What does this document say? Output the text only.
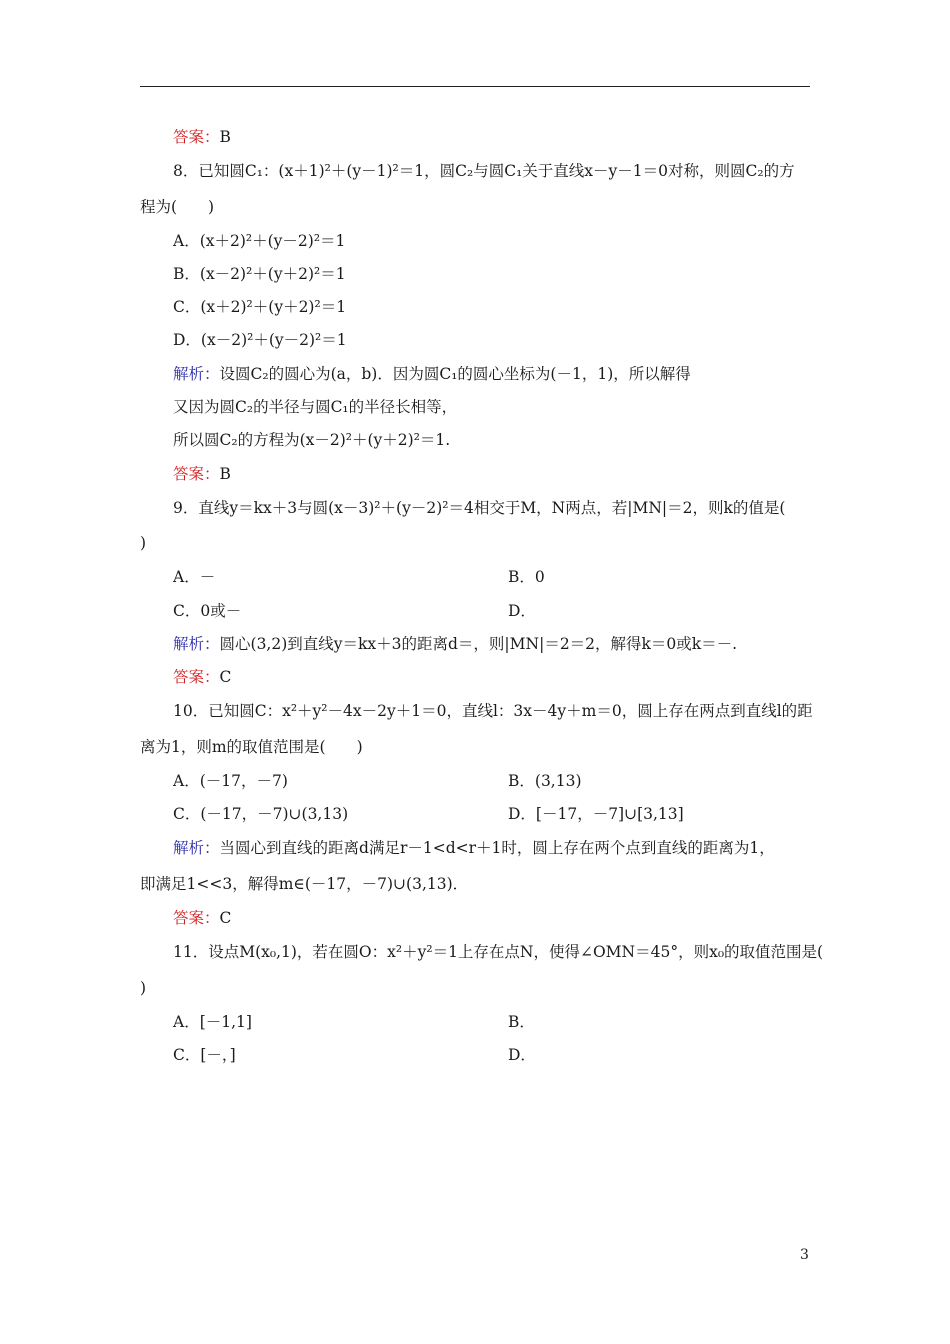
答案：B
8．已知圆C₁：(x＋1)²＋(y－1)²＝1，圆C₂与圆C₁关于直线x－y－1＝0对称，则圆C₂的方
程为(　　)
A．(x＋2)²＋(y－2)²＝1
B．(x－2)²＋(y＋2)²＝1
C．(x＋2)²＋(y＋2)²＝1
D．(x－2)²＋(y－2)²＝1
解析：设圆C₂的圆心为(a，b)．因为圆C₁的圆心坐标为(－1，1)，所以解得
又因为圆C₂的半径与圆C₁的半径长相等，
所以圆C₂的方程为(x－2)²＋(y＋2)²＝1.
答案：B
9．直线y＝kx＋3与圆(x－3)²＋(y－2)²＝4相交于M，N两点，若|MN|＝2，则k的值是(
)
A．－	B．0
C．0或－	D．
解析：圆心(3,2)到直线y＝kx＋3的距离d＝，则|MN|＝2＝2，解得k＝0或k＝－.
答案：C
10．已知圆C：x²＋y²－4x－2y＋1＝0，直线l：3x－4y＋m＝0，圆上存在两点到直线l的距
离为1，则m的取值范围是(　　)
A．(－17，－7)	B．(3,13)
C．(－17，－7)∪(3,13)	D．[－17，－7]∪[3,13]
解析：当圆心到直线的距离d满足r－1<d<r＋1时，圆上存在两个点到直线的距离为1，
即满足1<<3，解得m∈(－17，－7)∪(3,13)．
答案：C
11．设点M(x₀,1)，若在圆O：x²＋y²＝1上存在点N，使得∠OMN＝45°，则x₀的取值范围是(
)
A．[－1,1]	B．
C．[－，]	D．
3
